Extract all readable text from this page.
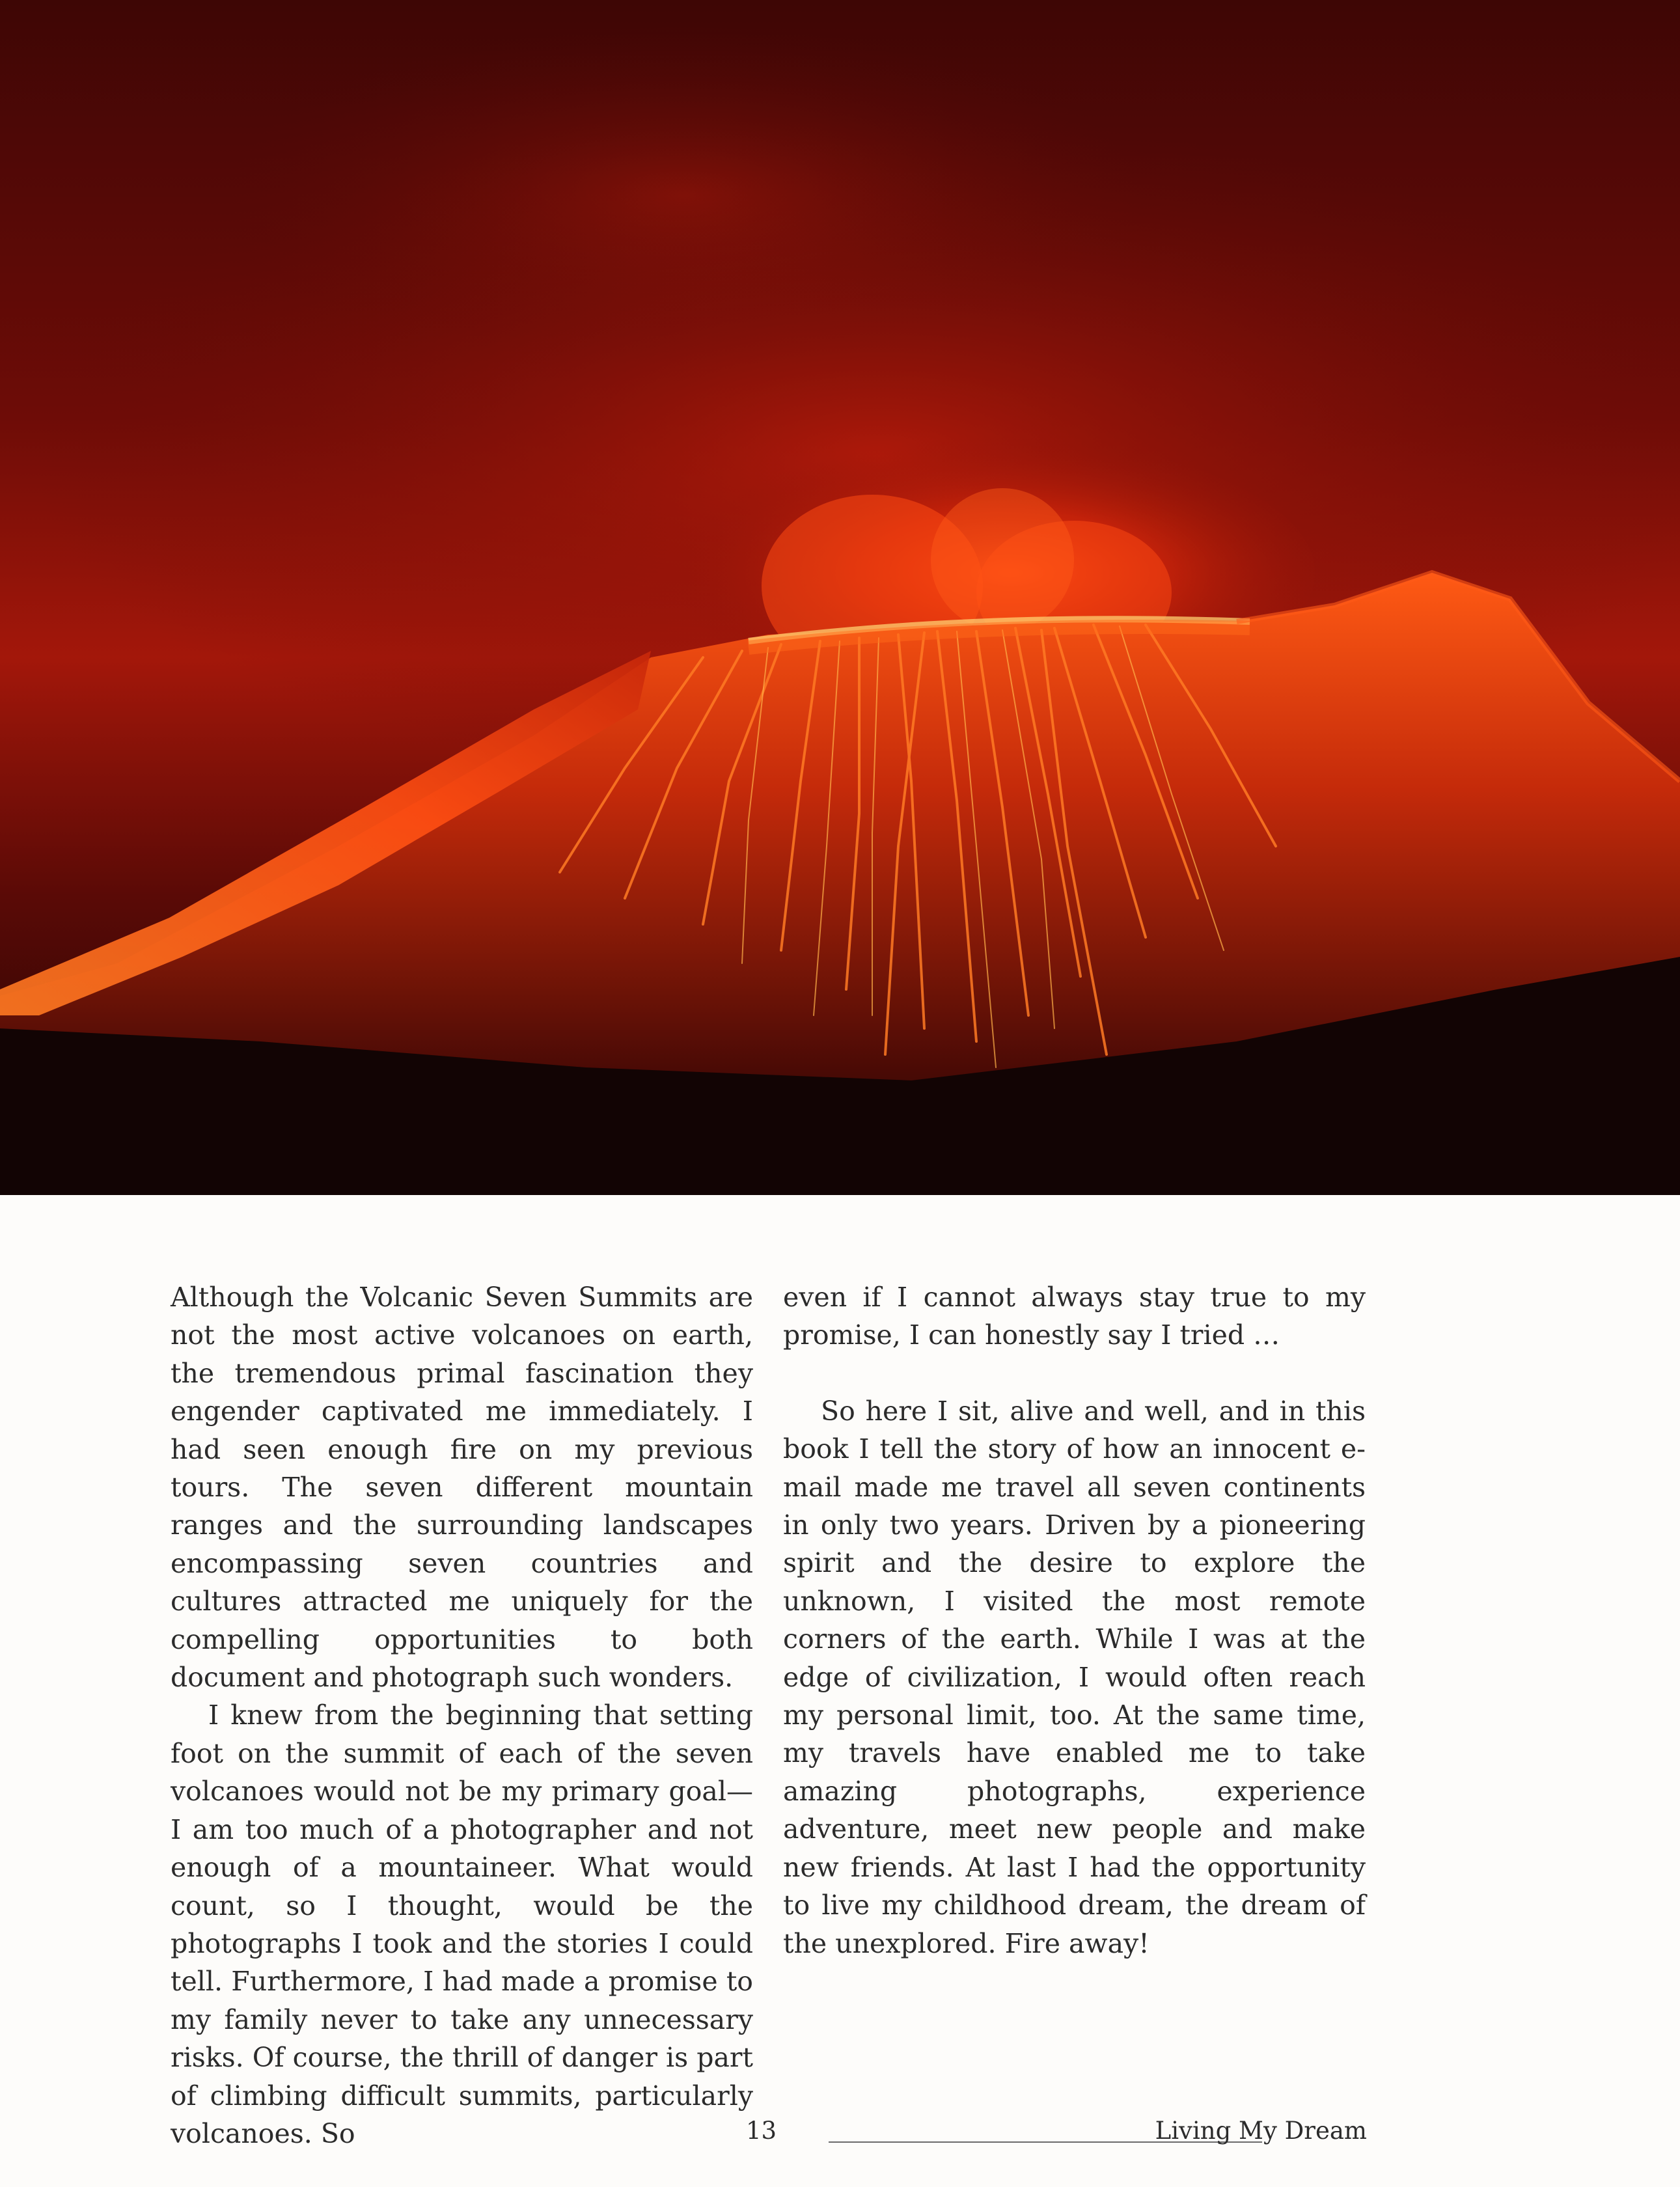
Although the Volcanic Seven Summits are not the most active volcanoes on earth, the tremendous primal fascination they engender captivated me immediately. I had seen enough fire on my previous tours. The seven different mountain ranges and the surrounding landscapes encompassing seven countries and cultures attracted me uniquely for the compelling opportunities to both document and photograph such wonders.

I knew from the beginning that setting foot on the summit of each of the seven volcanoes would not be my primary goal—I am too much of a photographer and not enough of a mountaineer. What would count, so I thought, would be the photographs I took and the stories I could tell. Furthermore, I had made a promise to my family never to take any unnecessary risks. Of course, the thrill of danger is part of climbing difficult summits, particularly volcanoes. So

even if I cannot always stay true to my promise, I can honestly say I tried …

So here I sit, alive and well, and in this book I tell the story of how an innocent e-mail made me travel all seven continents in only two years. Driven by a pioneering spirit and the desire to explore the unknown, I visited the most remote corners of the earth. While I was at the edge of civilization, I would often reach my personal limit, too. At the same time, my travels have enabled me to take amazing photographs, experience adventure, meet new people and make new friends. At last I had the opportunity to live my childhood dream, the dream of the unexplored. Fire away!

13	Living My Dream
